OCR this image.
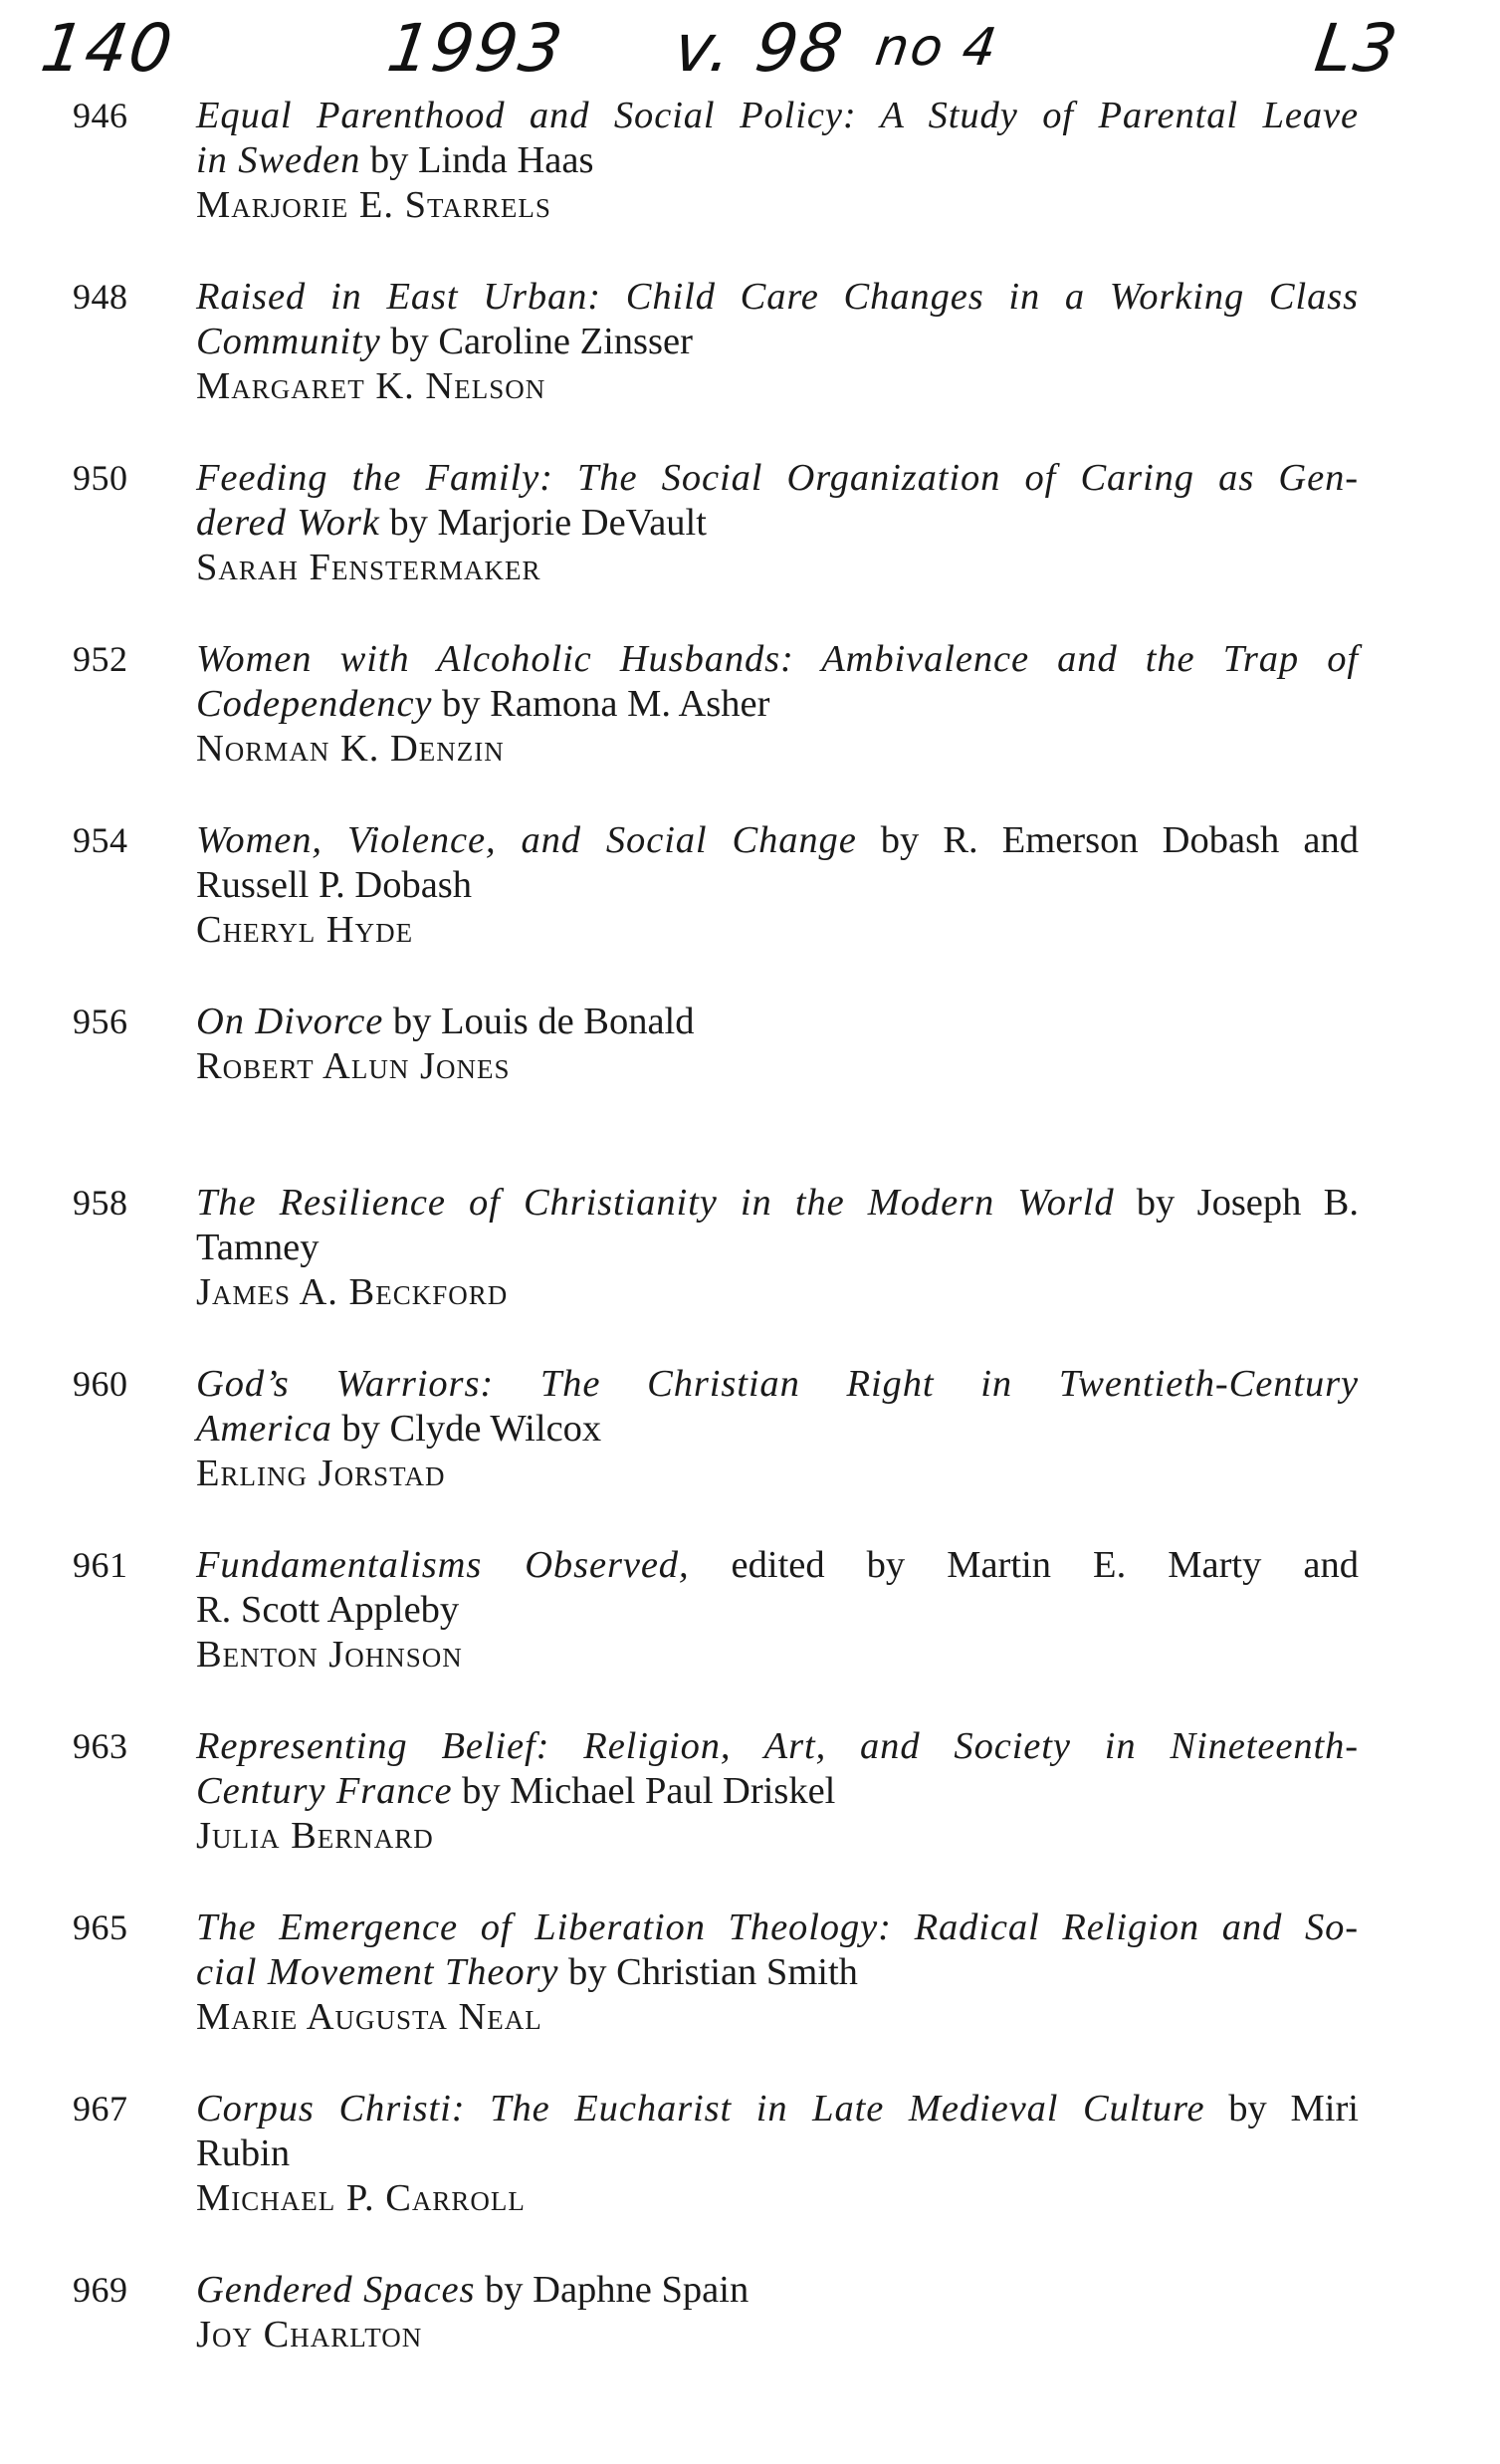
140	1993 v. 98 no 4	L3
946 Equal Parenthood and Social Policy: A Study of Parental Leave
in Sweden by Linda Haas
Marjorie E. Starrels
948 Raised in East Urban: Child Care Changes in a Working Class
Community by Caroline Zinsser
Margaret K. Nelson
950 Feeding the Family: The Social Organization of Caring as Gen-
dered Work by Marjorie DeVault
Sarah Fenstermaker
952 Women with Alcoholic Husbands: Ambivalence and the Trap of
Codependency by Ramona M. Asher
Norman K. Denzin
954 Women, Violence, and Social Change by R. Emerson Dobash and
Russell P. Dobash
Cheryl Hyde
956 On Divorce by Louis de Bonald
Robert Alun Jones
958 The Resilience of Christianity in the Modern World by Joseph B.
Tamney
James A. Beckford
960 God’s Warriors: The Christian Right in Twentieth-Century
America by Clyde Wilcox
Erling Jorstad
961 Fundamentalisms Observed, edited by Martin E. Marty and
R. Scott Appleby
Benton Johnson
963 Representing Belief: Religion, Art, and Society in Nineteenth-
Century France by Michael Paul Driskel
Julia Bernard
965 The Emergence of Liberation Theology: Radical Religion and So-
cial Movement Theory by Christian Smith
Marie Augusta Neal
967 Corpus Christi: The Eucharist in Late Medieval Culture by Miri
Rubin
Michael P. Carroll
969 Gendered Spaces by Daphne Spain
Joy Charlton
